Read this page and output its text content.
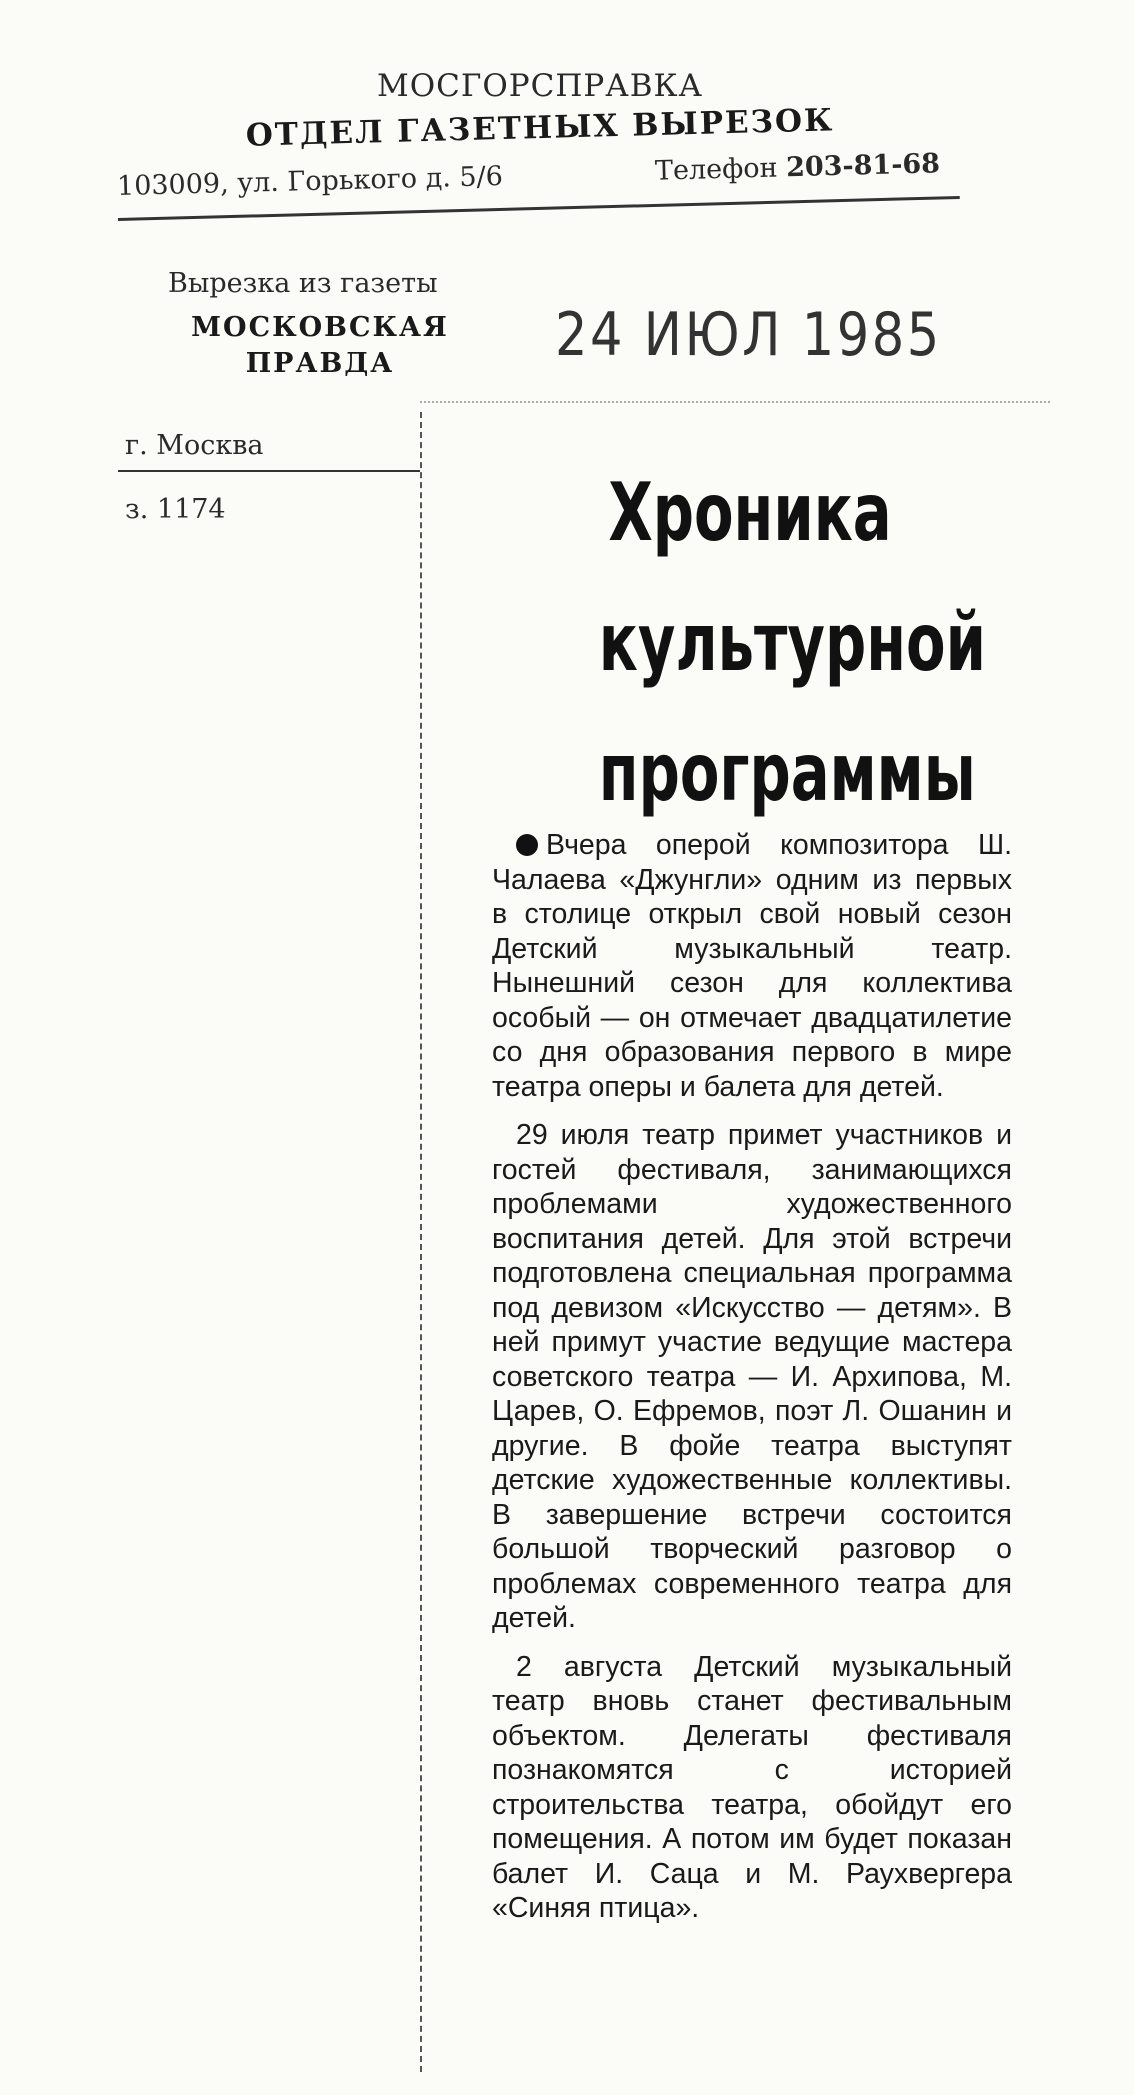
МОСГОРСПРАВКА
ОТДЕЛ ГАЗЕТНЫХ ВЫРЕЗОК
103009, ул. Горького д. 5/6	Телефон 203-81-68
Вырезка из газеты
МОСКОВСКАЯ
ПРАВДА	24 ИЮЛ 1985
г. Москва
з. 1174	Хроника
культурной
программы

Вчера оперой композитора Ш. Чалаева «Джунгли» одним из первых в столице открыл свой новый сезон Детский музыкальный театр. Нынешний сезон для коллектива особый — он отмечает двадцатилетие со дня образования первого в мире театра оперы и балета для детей.

29 июля театр примет участников и гостей фестиваля, занимающихся проблемами художественного воспитания детей. Для этой встречи подготовлена специальная программа под девизом «Искусство — детям». В ней примут участие ведущие мастера советского театра — И. Архипова, М. Царев, О. Ефремов, поэт Л. Ошанин и другие. В фойе театра выступят детские художественные коллективы. В завершение встречи состоится большой творческий разговор о проблемах современного театра для детей.

2 августа Детский музыкальный театр вновь станет фестивальным объектом. Делегаты фестиваля познакомятся с историей строительства театра, обойдут его помещения. А потом им будет показан балет И. Саца и М. Раухвергера «Синяя птица».
